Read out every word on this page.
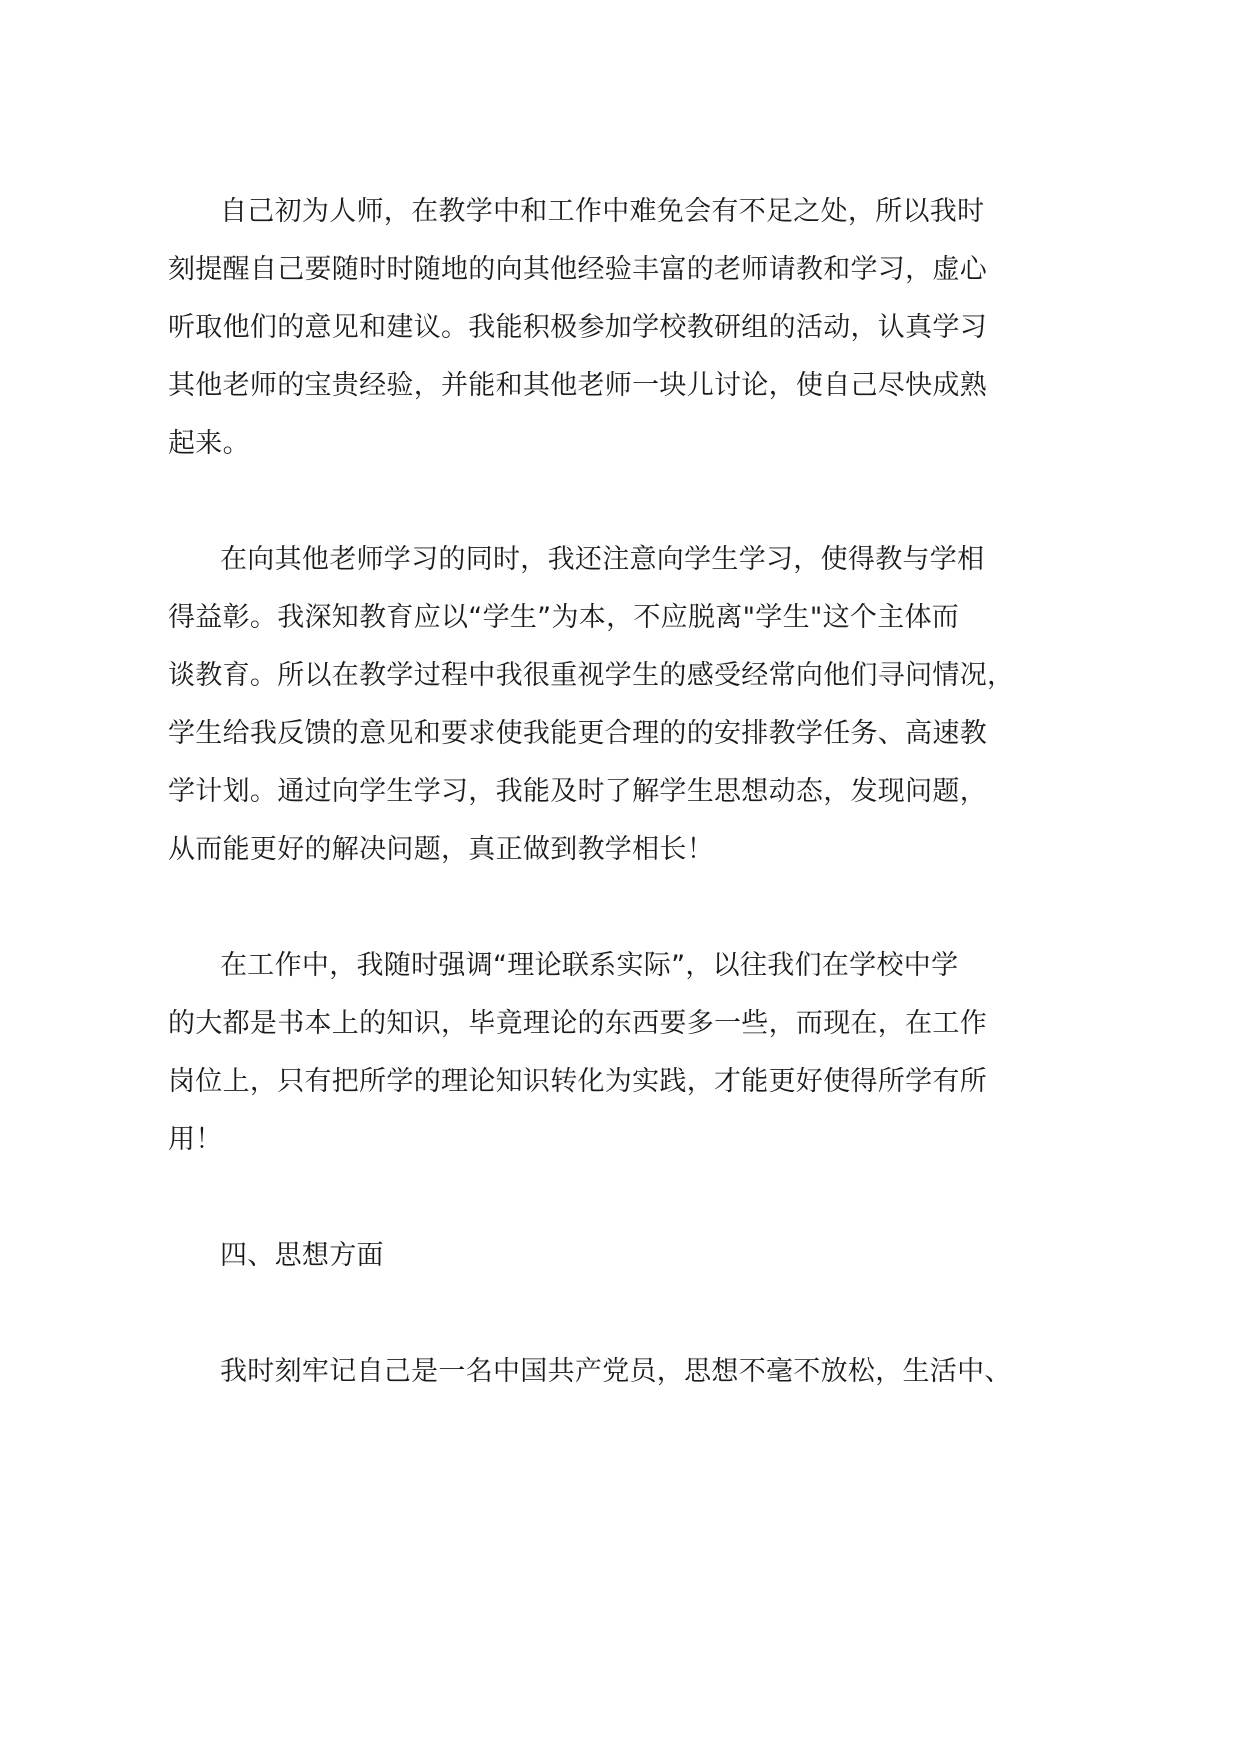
自己初为人师，在教学中和工作中难免会有不足之处，所以我时
刻提醒自己要随时时随地的向其他经验丰富的老师请教和学习，虚心
听取他们的意见和建议。我能积极参加学校教研组的活动，认真学习
其他老师的宝贵经验，并能和其他老师一块儿讨论，使自己尽快成熟
起来。
在向其他老师学习的同时，我还注意向学生学习，使得教与学相
得益彰。我深知教育应以“学生”为本，不应脱离"学生"这个主体而
谈教育。所以在教学过程中我很重视学生的感受经常向他们寻问情况，
学生给我反馈的意见和要求使我能更合理的的安排教学任务、高速教
学计划。通过向学生学习，我能及时了解学生思想动态，发现问题，
从而能更好的解决问题，真正做到教学相长！
在工作中，我随时强调“理论联系实际”，以往我们在学校中学
的大都是书本上的知识，毕竟理论的东西要多一些，而现在，在工作
岗位上，只有把所学的理论知识转化为实践，才能更好使得所学有所
用！
四、思想方面
我时刻牢记自己是一名中国共产党员，思想不毫不放松，生活中、
